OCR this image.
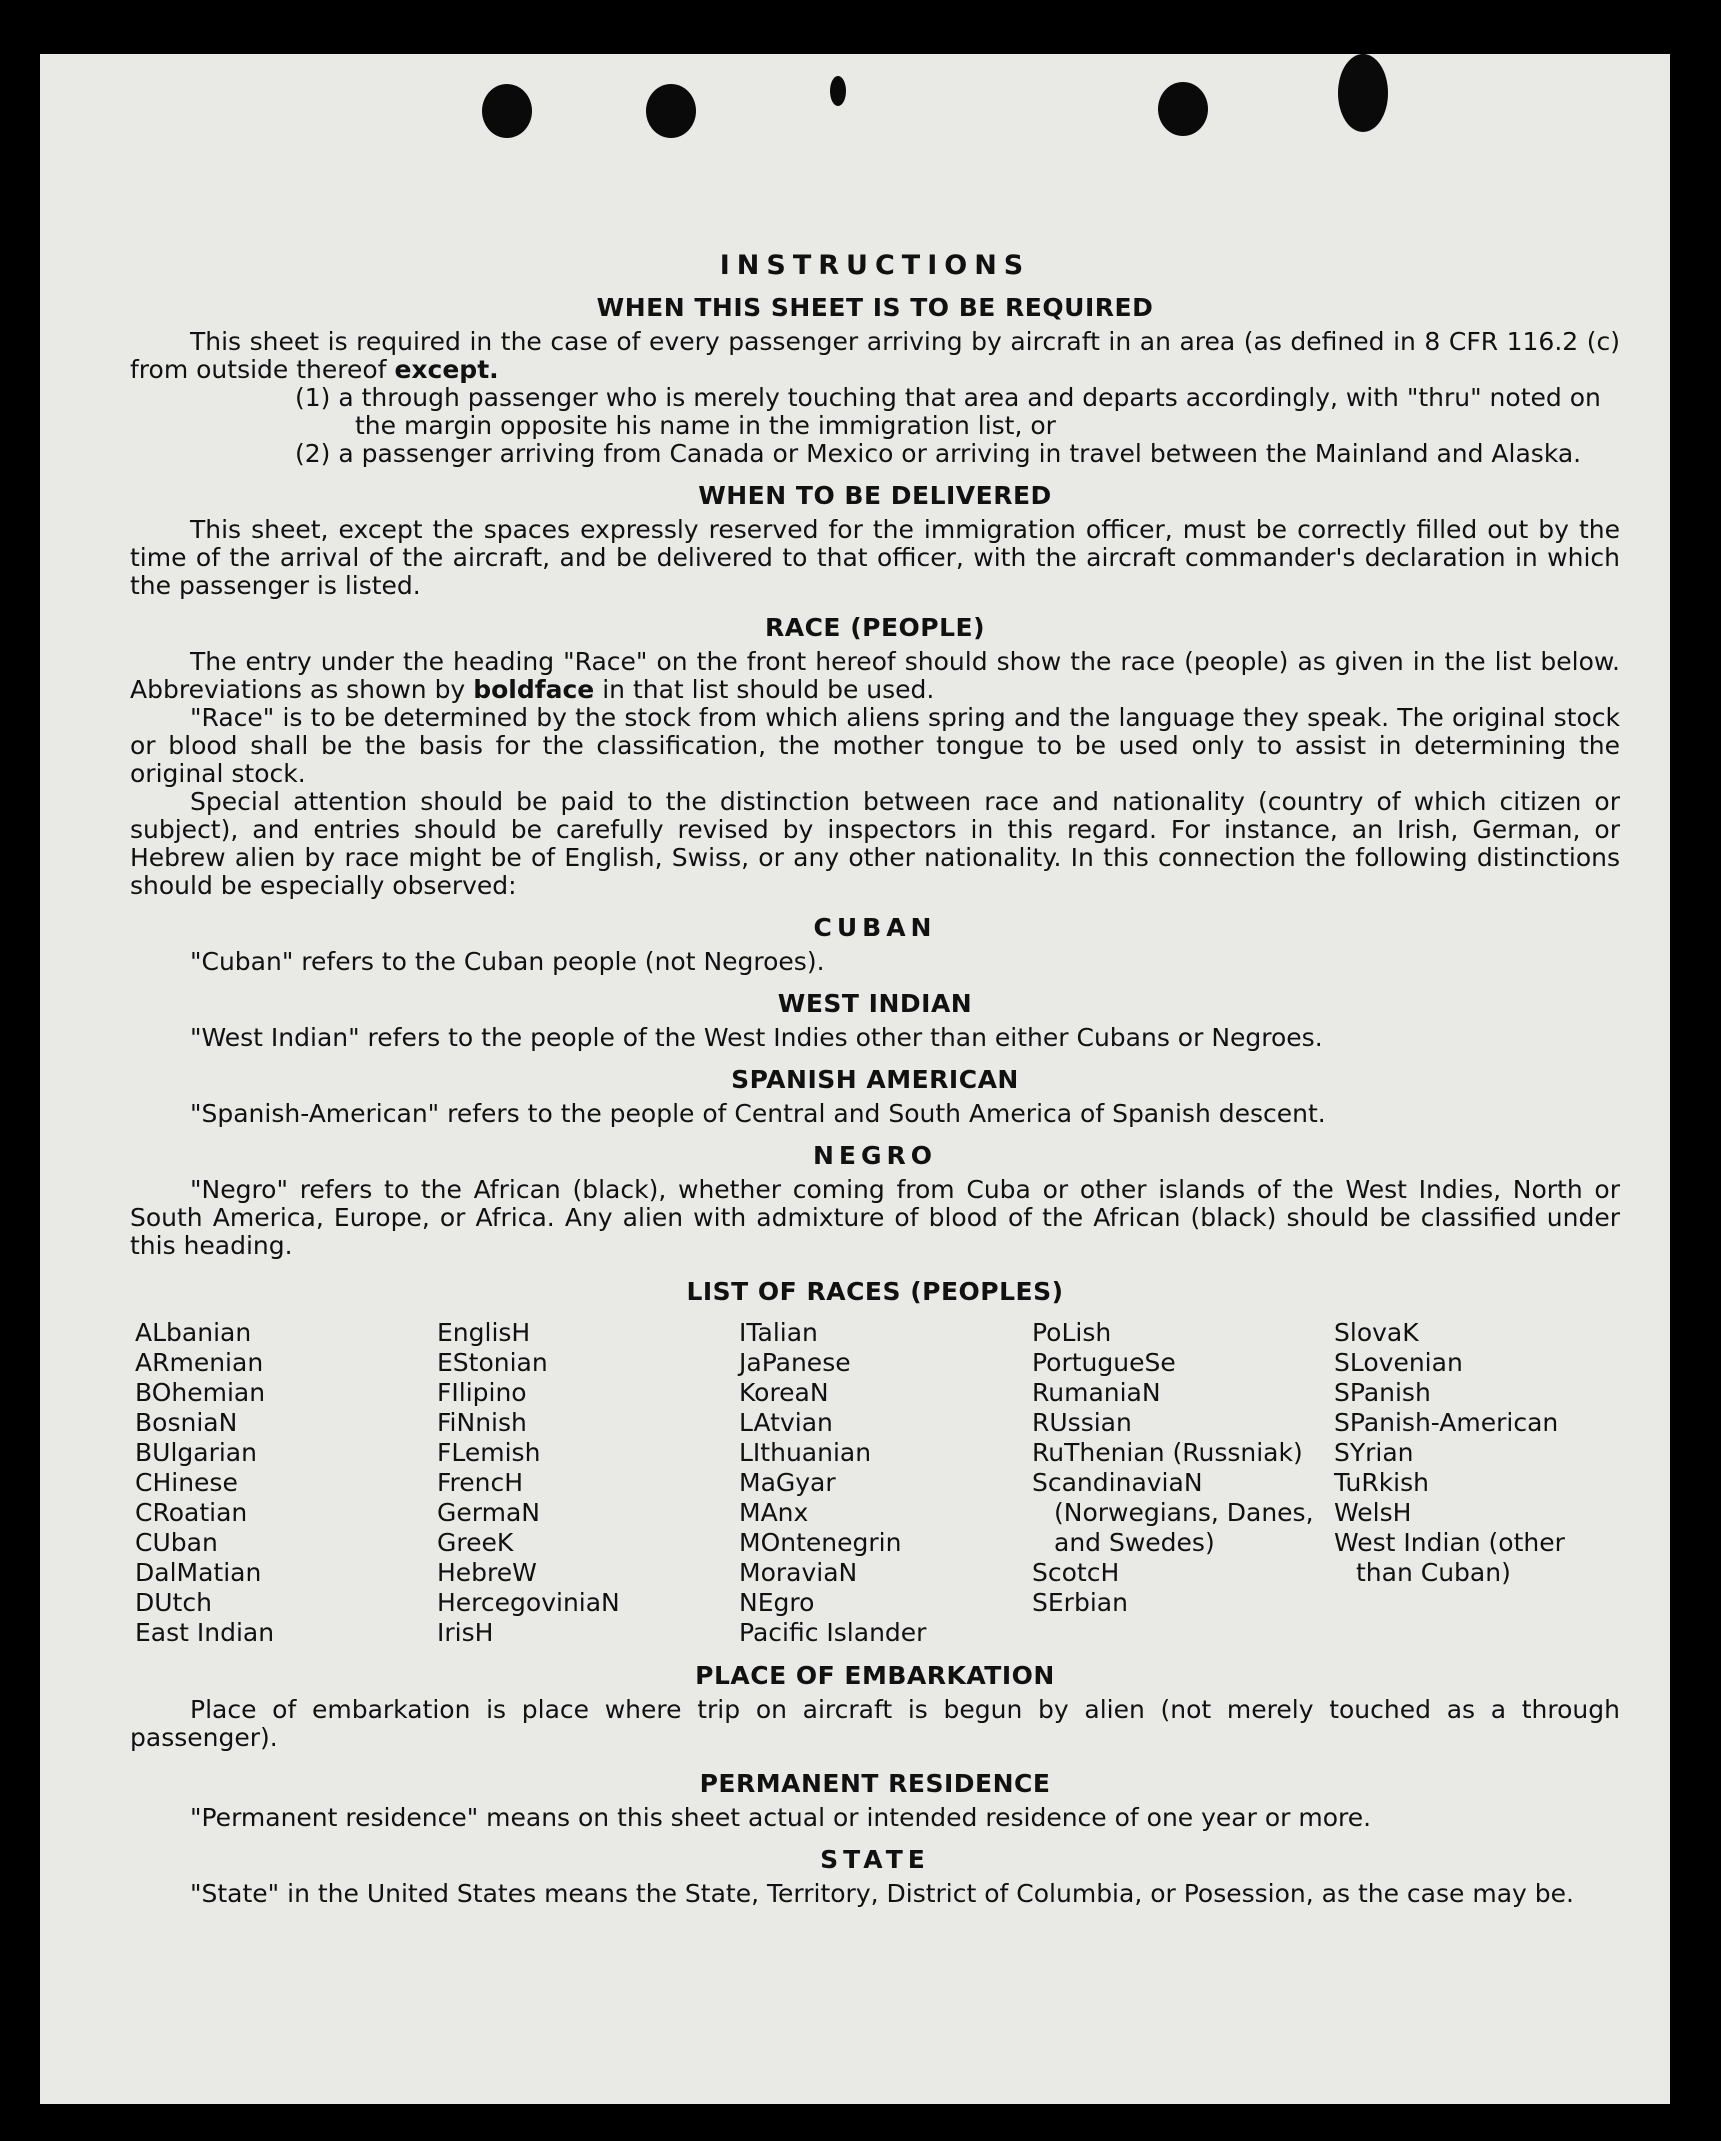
INSTRUCTIONS
WHEN THIS SHEET IS TO BE REQUIRED

This sheet is required in the case of every passenger arriving by aircraft in an area (as defined in 8 CFR 116.2 (c) from outside thereof except.

(1) a through passenger who is merely touching that area and departs accordingly, with "thru" noted on the margin opposite his name in the immigration list, or

(2) a passenger arriving from Canada or Mexico or arriving in travel between the Mainland and Alaska.

WHEN TO BE DELIVERED

This sheet, except the spaces expressly reserved for the immigration officer, must be correctly filled out by the time of the arrival of the aircraft, and be delivered to that officer, with the aircraft commander's declaration in which the passenger is listed.

RACE (PEOPLE)

The entry under the heading "Race" on the front hereof should show the race (people) as given in the list below. Abbreviations as shown by boldface in that list should be used.

"Race" is to be determined by the stock from which aliens spring and the language they speak. The original stock or blood shall be the basis for the classification, the mother tongue to be used only to assist in determining the original stock.

Special attention should be paid to the distinction between race and nationality (country of which citizen or subject), and entries should be carefully revised by inspectors in this regard. For instance, an Irish, German, or Hebrew alien by race might be of English, Swiss, or any other nationality. In this connection the following distinctions should be especially observed:

CUBAN

"Cuban" refers to the Cuban people (not Negroes).

WEST INDIAN

"West Indian" refers to the people of the West Indies other than either Cubans or Negroes.

SPANISH AMERICAN

"Spanish-American" refers to the people of Central and South America of Spanish descent.

NEGRO

"Negro" refers to the African (black), whether coming from Cuba or other islands of the West Indies, North or South America, Europe, or Africa. Any alien with admixture of blood of the African (black) should be classified under this heading.

LIST OF RACES (PEOPLES)
ALbanian
ARmenian
BOhemian
BosniaN
BUlgarian
CHinese
CRoatian
CUban
DalMatian
DUtch
East Indian
EnglisH
EStonian
FIlipino
FiNnish
FLemish
FrencH
GermaN
GreeK
HebreW
HercegoviniaN
IrisH
ITalian
JaPanese
KoreaN
LAtvian
LIthuanian
MaGyar
MAnx
MOntenegrin
MoraviaN
NEgro
Pacific Islander
PoLish
PortugueSe
RumaniaN
RUssian
RuThenian (Russniak)
ScandinaviaN (Norwegians, Danes, and Swedes)
ScotcH
SErbian
SlovaK
SLovenian
SPanish
SPanish-American
SYrian
TuRkish
WelsH
West Indian (other than Cuban)
PLACE OF EMBARKATION

Place of embarkation is place where trip on aircraft is begun by alien (not merely touched as a through passenger).

PERMANENT RESIDENCE

"Permanent residence" means on this sheet actual or intended residence of one year or more.

STATE

"State" in the United States means the State, Territory, District of Columbia, or Posession, as the case may be.
